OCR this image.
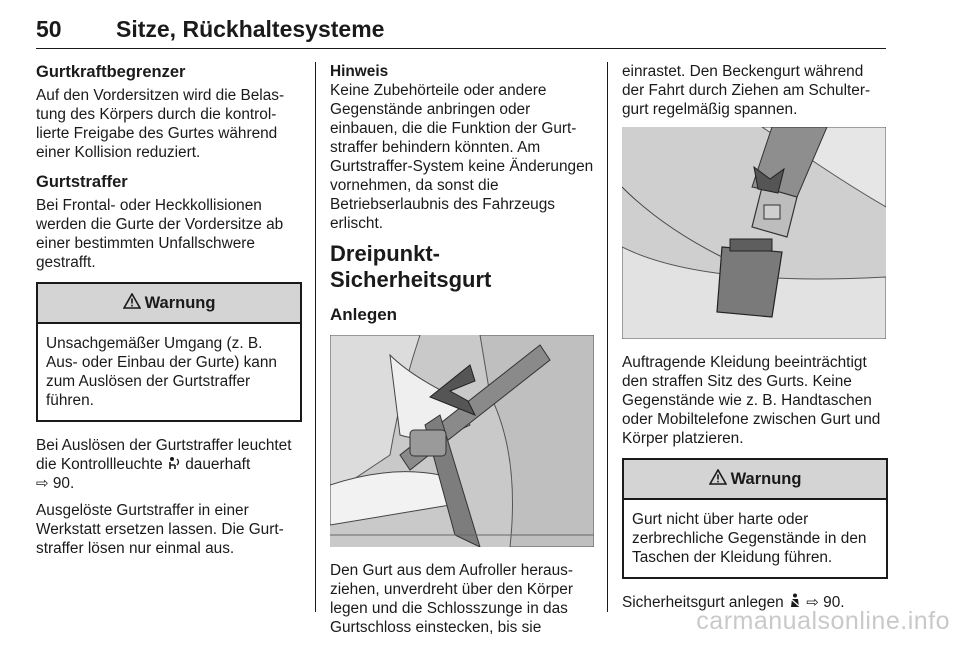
50 Sitze, Rückhaltesysteme
Gurtkraftbegrenzer

Auf den Vordersitzen wird die Belastung des Körpers durch die kontrollierte Freigabe des Gurtes während einer Kollision reduziert.

Gurtstraffer

Bei Frontal- oder Heckkollisionen werden die Gurte der Vordersitze ab einer bestimmten Unfallschwere gestrafft.

Warnung

Unsachgemäßer Umgang (z. B. Aus- oder Einbau der Gurte) kann zum Auslösen der Gurtstraffer führen.

Bei Auslösen der Gurtstraffer leuchtet die Kontrollleuchte dauerhaft
⇨ 90.

Ausgelöste Gurtstraffer in einer Werkstatt ersetzen lassen. Die Gurtstraffer lösen nur einmal aus.

Hinweis

Keine Zubehörteile oder andere Gegenstände anbringen oder einbauen, die die Funktion der Gurtstraffer behindern könnten. Am Gurtstraffer-System keine Änderungen vornehmen, da sonst die Betriebserlaubnis des Fahrzeugs erlischt.

Dreipunkt-Sicherheitsgurt
Anlegen

Den Gurt aus dem Aufroller herausziehen, unverdreht über den Körper legen und die Schlosszunge in das Gurtschloss einstecken, bis sie

einrastet. Den Beckengurt während der Fahrt durch Ziehen am Schultergurt regelmäßig spannen.

Auftragende Kleidung beeinträchtigt den straffen Sitz des Gurts. Keine Gegenstände wie z. B. Handtaschen oder Mobiltelefone zwischen Gurt und Körper platzieren.

Warnung

Gurt nicht über harte oder zerbrechliche Gegenstände in den Taschen der Kleidung führen.

Sicherheitsgurt anlegen ⇨ 90.

carmanualsonline.info
